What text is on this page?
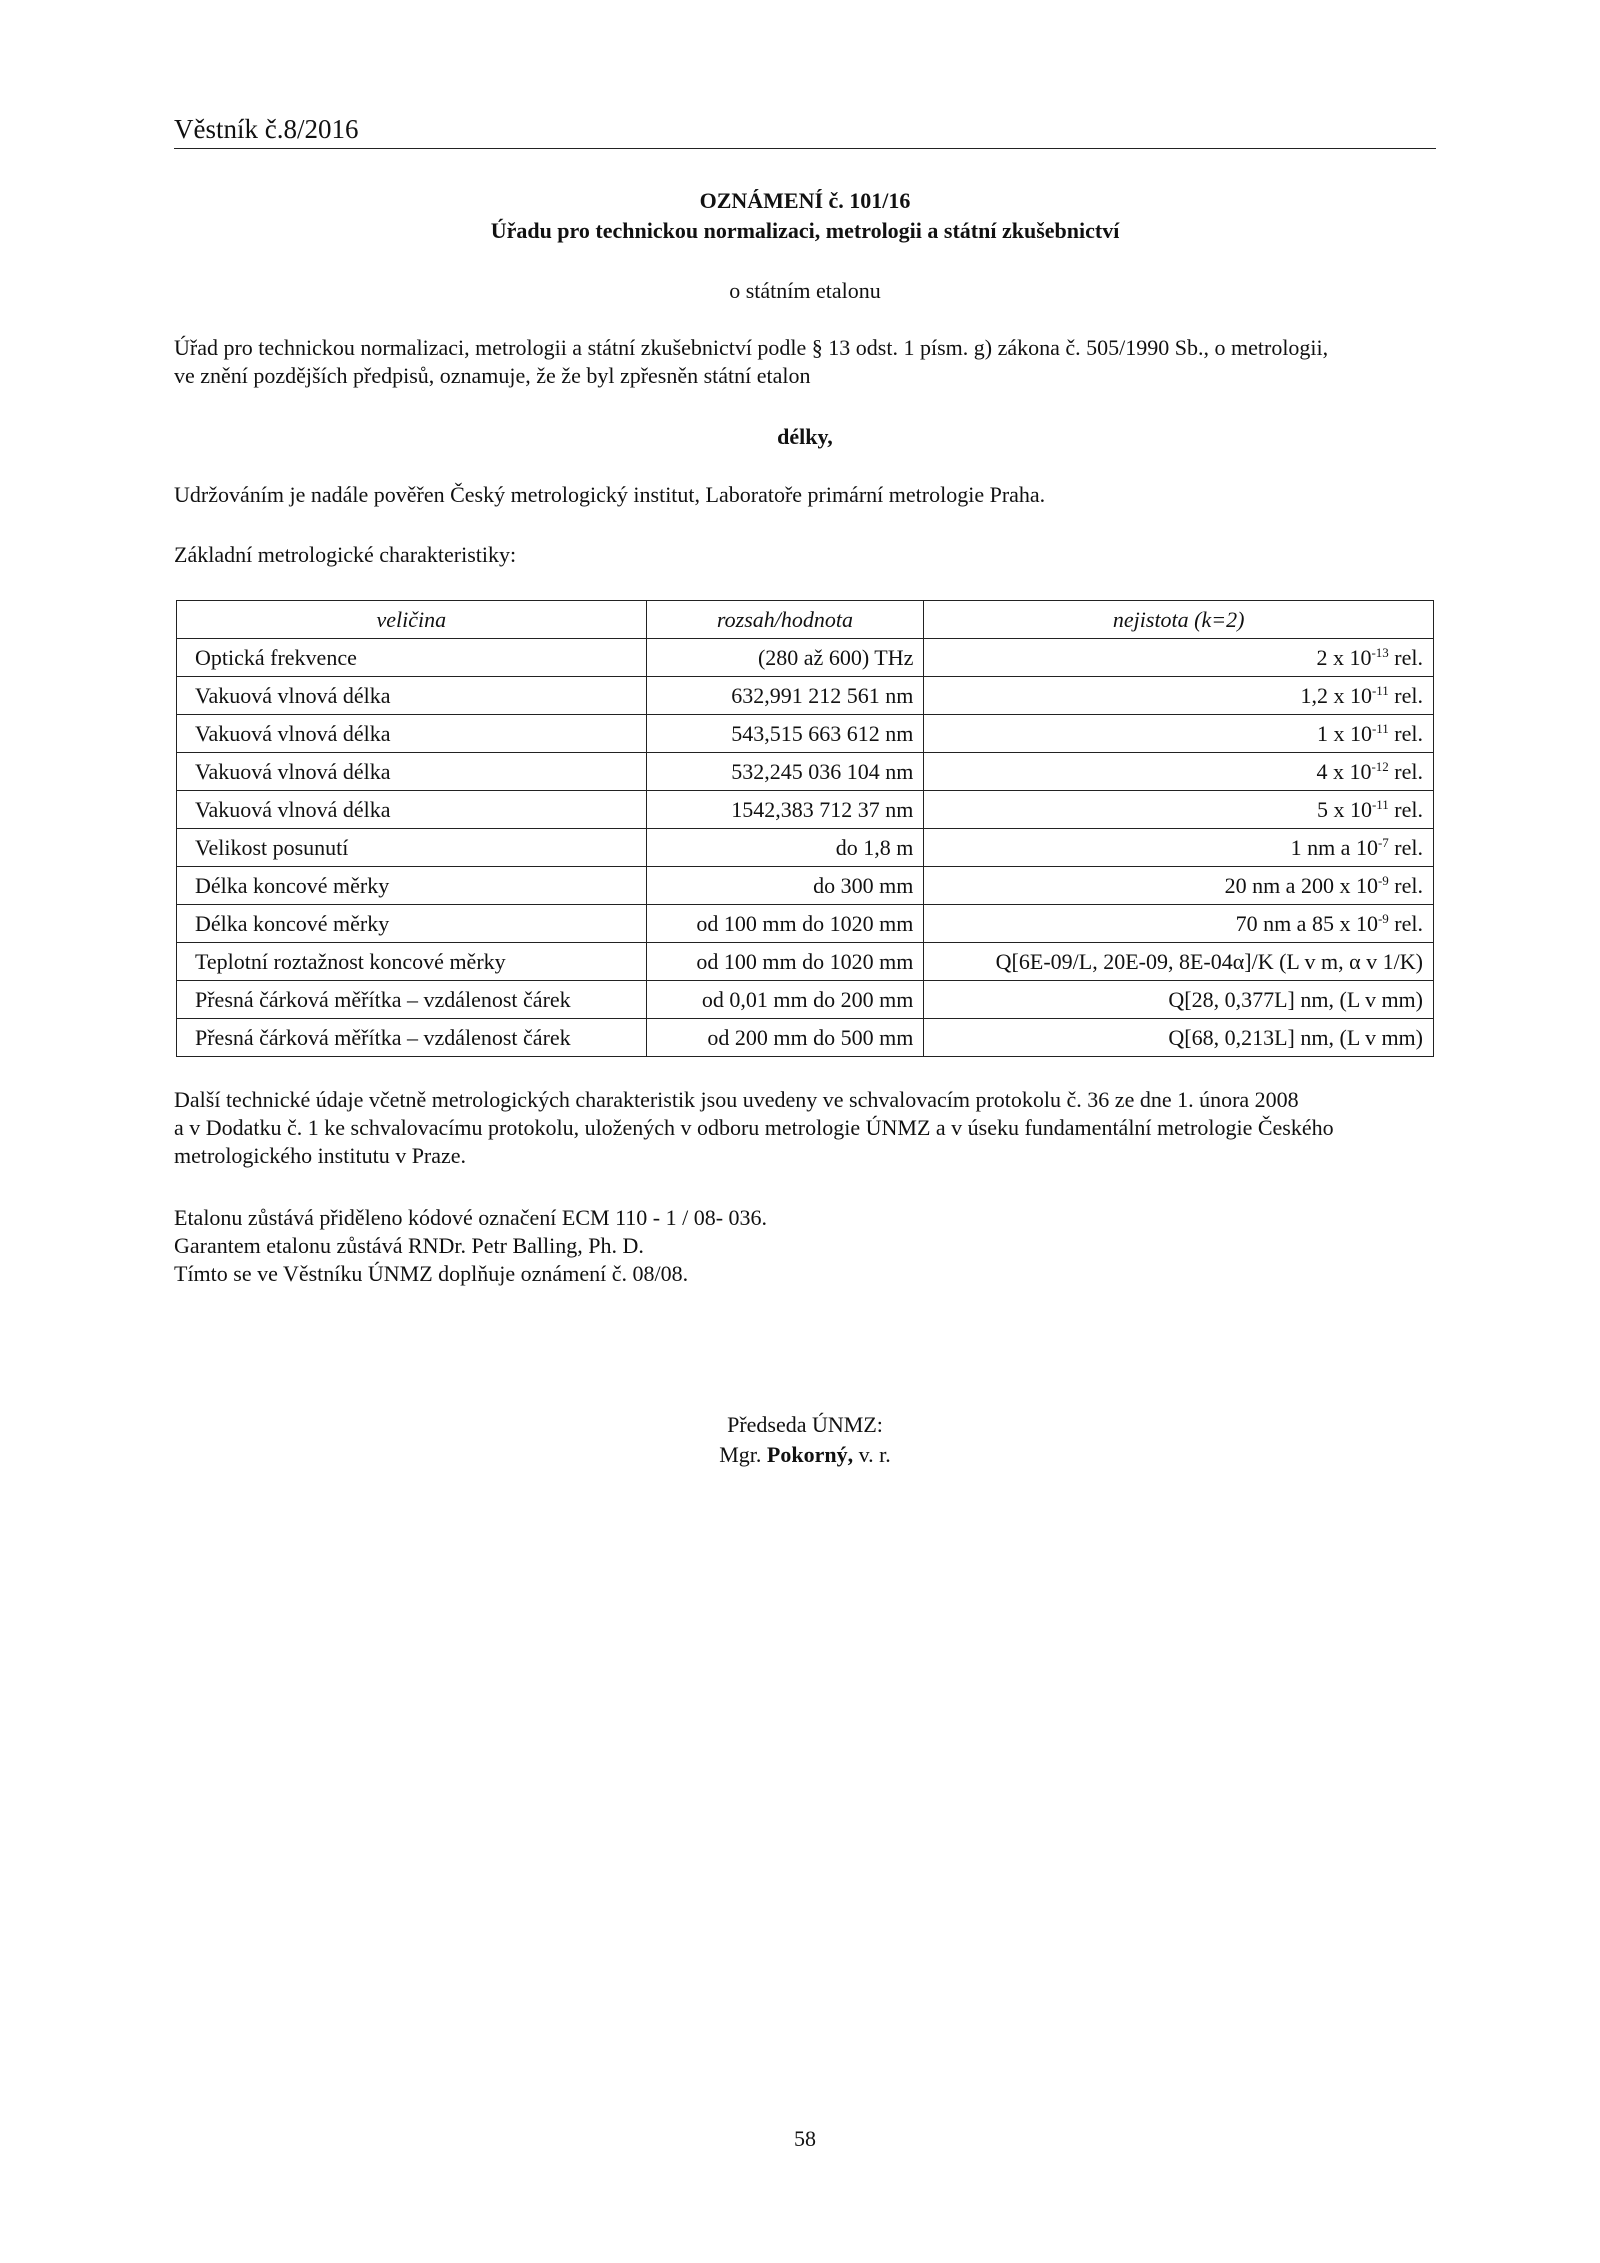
Věstník č.8/2016
OZNÁMENÍ č. 101/16
Úřadu pro technickou normalizaci, metrologii a státní zkušebnictví
o státním etalonu
Úřad pro technickou normalizaci, metrologii a státní zkušebnictví podle § 13 odst. 1 písm. g) zákona č. 505/1990 Sb., o metrologii,
ve znění pozdějších předpisů, oznamuje, že že byl zpřesněn státní etalon
délky,
Udržováním je nadále pověřen Český metrologický institut, Laboratoře primární metrologie Praha.
Základní metrologické charakteristiky:
veličina	rozsah/hodnota	nejistota (k=2)
Optická frekvence	(280 až 600) THz	2 x $10^{-13}$ rel.
Vakuová vlnová délka	632,991 212 561 nm	1,2 x $10^{-11}$ rel.
Vakuová vlnová délka	543,515 663 612 nm	1 x $10^{-11}$ rel.
Vakuová vlnová délka	532,245 036 104 nm	4 x $10^{-12}$ rel.
Vakuová vlnová délka	1542,383 712 37 nm	5 x $10^{-11}$ rel.
Velikost posunutí	do 1,8 m	1 nm a $10^{-7}$ rel.
Délka koncové měrky	do 300 mm	20 nm a 200 x $10^{-9}$ rel.
Délka koncové měrky	od 100 mm do 1020 mm	70 nm a 85 x $10^{-9}$ rel.
Teplotní roztažnost koncové měrky	od 100 mm do 1020 mm	Q[6E-09/L, 20E-09, 8E-04α]/K (L v m, α v 1/K)
Přesná čárková měřítka – vzdálenost čárek	od 0,01 mm do 200 mm	Q[28, 0,377L] nm, (L v mm)
Přesná čárková měřítka – vzdálenost čárek	od 200 mm do 500 mm	Q[68, 0,213L] nm, (L v mm)
Další technické údaje včetně metrologických charakteristik jsou uvedeny ve schvalovacím protokolu č. 36 ze dne 1. února 2008
a v Dodatku č. 1 ke schvalovacímu protokolu, uložených v odboru metrologie ÚNMZ a v úseku fundamentální metrologie Českého
metrologického institutu v Praze.
Etalonu zůstává přiděleno kódové označení ECM 110 - 1 / 08- 036.
Garantem etalonu zůstává RNDr. Petr Balling, Ph. D.
Tímto se ve Věstníku ÚNMZ doplňuje oznámení č. 08/08.
Předseda ÚNMZ:
Mgr. Pokorný, v. r.
58
